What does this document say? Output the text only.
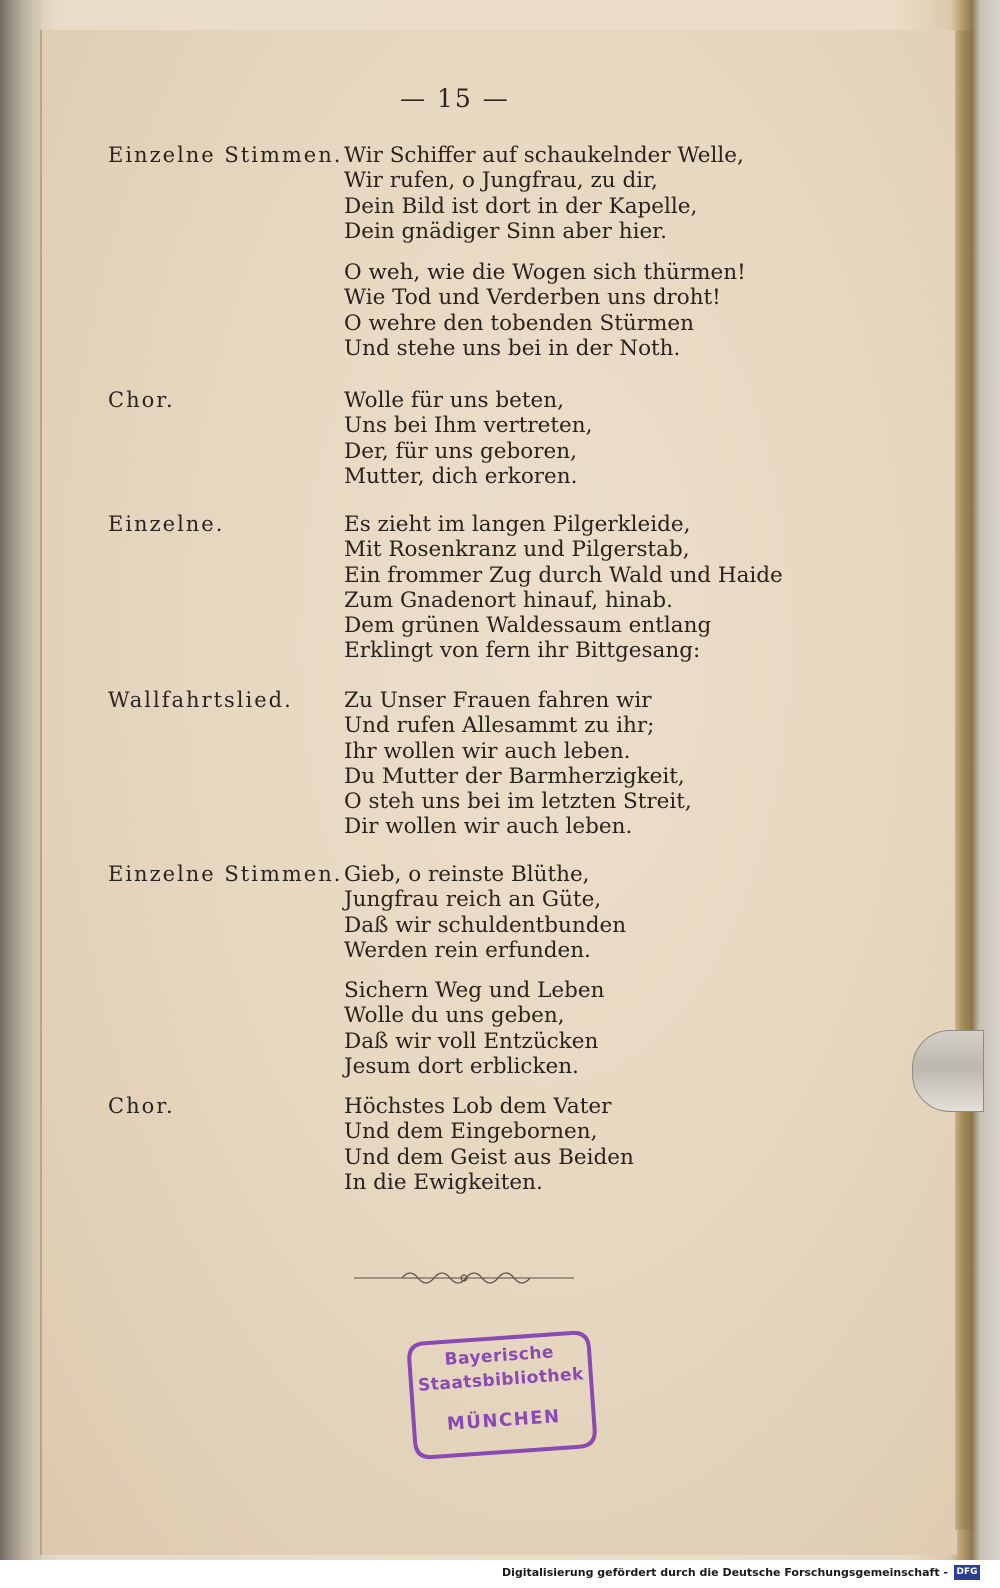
— 15 —
Einzelne Stimmen. Wir Schiffer auf schaukelnder Welle,
Wir rufen, o Jungfrau, zu dir,
Dein Bild ist dort in der Kapelle,
Dein gnädiger Sinn aber hier.
O weh, wie die Wogen sich thürmen!
Wie Tod und Verderben uns droht!
O wehre den tobenden Stürmen
Und stehe uns bei in der Noth.
Chor.	Wolle für uns beten,
Uns bei Ihm vertreten,
Der, für uns geboren,
Mutter, dich erkoren.
Einzelne.	Es zieht im langen Pilgerkleide,
Mit Rosenkranz und Pilgerstab,
Ein frommer Zug durch Wald und Haide
Zum Gnadenort hinauf, hinab.
Dem grünen Waldessaum entlang
Erklingt von fern ihr Bittgesang:
Wallfahrtslied. Zu Unser Frauen fahren wir
Und rufen Allesammt zu ihr;
Ihr wollen wir auch leben.
Du Mutter der Barmherzigkeit,
O steh uns bei im letzten Streit,
Dir wollen wir auch leben.
Einzelne Stimmen. Gieb, o reinste Blüthe,
Jungfrau reich an Güte,
Daß wir schuldentbunden
Werden rein erfunden.
Sichern Weg und Leben
Wolle du uns geben,
Daß wir voll Entzücken
Jesum dort erblicken.
Chor.	Höchstes Lob dem Vater
Und dem Eingebornen,
Und dem Geist aus Beiden
In die Ewigkeiten.
Bayerische
Staatsbibliothek
MÜNCHEN
Digitalisierung gefördert durch die Deutsche Forschungsgemeinschaft - DFG
